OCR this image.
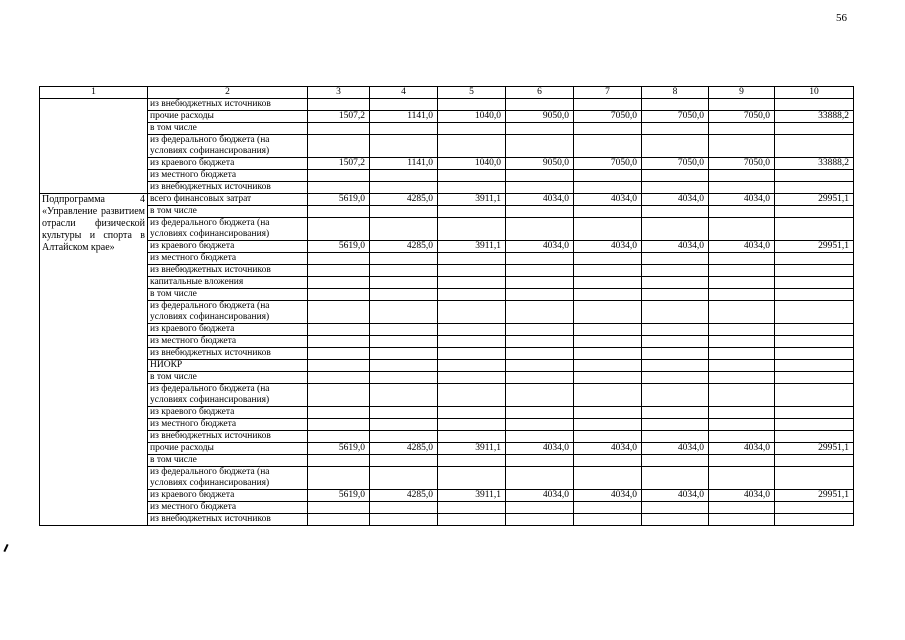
56
1	2	3	4	5	6	7	8	9	10
	из внебюджетных источников								
	прочие расходы	1507,2	1141,0	1040,0	9050,0	7050,0	7050,0	7050,0	33888,2
	в том числе								
	из федерального бюджета (на условиях софинансирования)								
	из краевого бюджета	1507,2	1141,0	1040,0	9050,0	7050,0	7050,0	7050,0	33888,2
	из местного бюджета								
	из внебюджетных источников								
Подпрограмма 4 «Управление развитием отрасли физической культуры и спорта в Алтайском крае»	всего финансовых затрат	5619,0	4285,0	3911,1	4034,0	4034,0	4034,0	4034,0	29951,1
	в том числе								
	из федерального бюджета (на условиях софинансирования)								
	из краевого бюджета	5619,0	4285,0	3911,1	4034,0	4034,0	4034,0	4034,0	29951,1
	из местного бюджета								
	из внебюджетных источников								
	капитальные вложения								
	в том числе								
	из федерального бюджета (на условиях софинансирования)								
	из краевого бюджета								
	из местного бюджета								
	из внебюджетных источников								
	НИОКР								
	в том числе								
	из федерального бюджета (на условиях софинансирования)								
	из краевого бюджета								
	из местного бюджета								
	из внебюджетных источников								
	прочие расходы	5619,0	4285,0	3911,1	4034,0	4034,0	4034,0	4034,0	29951,1
	в том числе								
	из федерального бюджета (на условиях софинансирования)								
	из краевого бюджета	5619,0	4285,0	3911,1	4034,0	4034,0	4034,0	4034,0	29951,1
	из местного бюджета								
	из внебюджетных источников								
